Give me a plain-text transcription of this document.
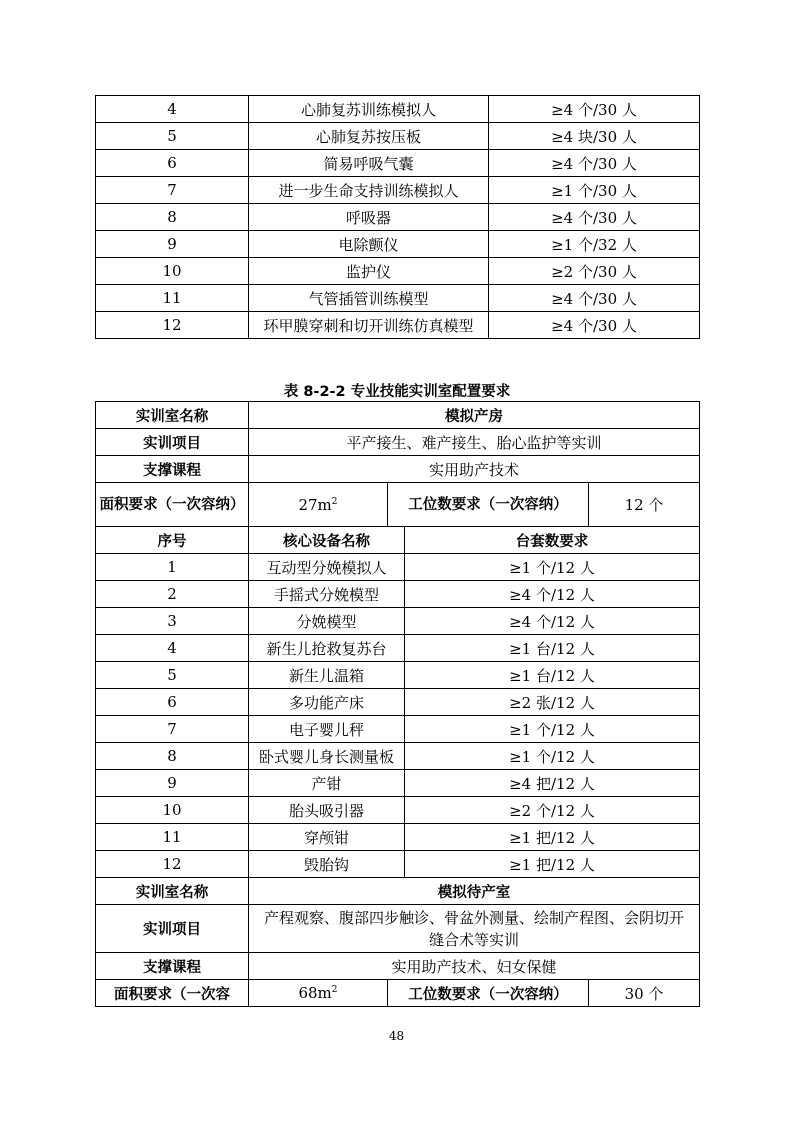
4	心肺复苏训练模拟人	≥4 个/30 人
5	心肺复苏按压板	≥4 块/30 人
6	简易呼吸气囊	≥4 个/30 人
7	进一步生命支持训练模拟人	≥1 个/30 人
8	呼吸器	≥4 个/30 人
9	电除颤仪	≥1 个/32 人
10	监护仪	≥2 个/30 人
11	气管插管训练模型	≥4 个/30 人
12	环甲膜穿刺和切开训练仿真模型	≥4 个/30 人
表 8-2-2 专业技能实训室配置要求
实训室名称	模拟产房			
实训项目	平产接生、难产接生、胎心监护等实训			
支撑课程	实用助产技术			
面积要求（一次容纳）	$27m^2$	工位数要求（一次容纳）		12 个
序号	核心设备名称		台套数要求	
1	互动型分娩模拟人		≥1 个/12 人	
2	手摇式分娩模型		≥4 个/12 人	
3	分娩模型		≥4 个/12 人	
4	新生儿抢救复苏台		≥1 台/12 人	
5	新生儿温箱		≥1 台/12 人	
6	多功能产床		≥2 张/12 人	
7	电子婴儿秤		≥1 个/12 人	
8	卧式婴儿身长测量板		≥1 个/12 人	
9	产钳		≥4 把/12 人	
10	胎头吸引器		≥2 个/12 人	
11	穿颅钳		≥1 把/12 人	
12	毁胎钩		≥1 把/12 人	
实训室名称	模拟待产室			
实训项目	产程观察、腹部四步触诊、骨盆外测量、绘制产程图、会阴切开缝合术等实训			
支撑课程	实用助产技术、妇女保健			
面积要求（一次容	$68m^2$	工位数要求（一次容纳）		30 个
48
